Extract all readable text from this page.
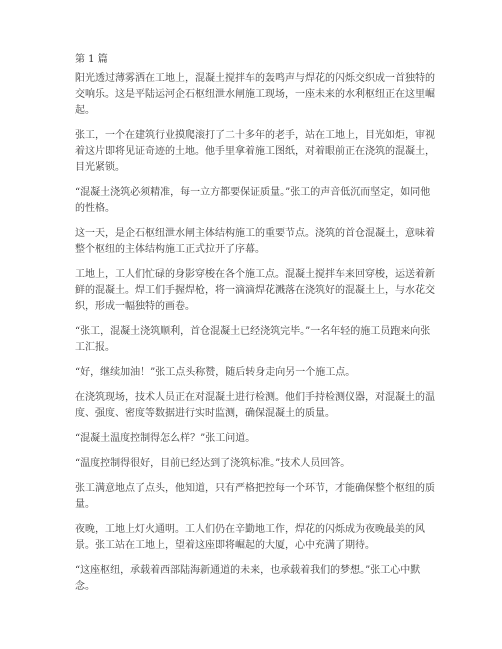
第 1 篇

阳光透过薄雾洒在工地上，混凝土搅拌车的轰鸣声与焊花的闪烁交织成一首独特的交响乐。这是平陆运河企石枢纽泄水闸施工现场，一座未来的水利枢纽正在这里崛起。

张工，一个在建筑行业摸爬滚打了二十多年的老手，站在工地上，目光如炬，审视着这片即将见证奇迹的土地。他手里拿着施工图纸，对着眼前正在浇筑的混凝土，目光紧锁。

“混凝土浇筑必须精准，每一立方都要保证质量。”张工的声音低沉而坚定，如同他的性格。

这一天，是企石枢纽泄水闸主体结构施工的重要节点。浇筑的首仓混凝土，意味着整个枢纽的主体结构施工正式拉开了序幕。

工地上，工人们忙碌的身影穿梭在各个施工点。混凝土搅拌车来回穿梭，运送着新鲜的混凝土。焊工们手握焊枪，将一滴滴焊花溅落在浇筑好的混凝土上，与水花交织，形成一幅独特的画卷。

“张工，混凝土浇筑顺利，首仓混凝土已经浇筑完毕。”一名年轻的施工员跑来向张工汇报。

“好，继续加油！”张工点头称赞，随后转身走向另一个施工点。

在浇筑现场，技术人员正在对混凝土进行检测。他们手持检测仪器，对混凝土的温度、强度、密度等数据进行实时监测，确保混凝土的质量。

“混凝土温度控制得怎么样？”张工问道。

“温度控制得很好，目前已经达到了浇筑标准。”技术人员回答。

张工满意地点了点头，他知道，只有严格把控每一个环节，才能确保整个枢纽的质量。

夜晚，工地上灯火通明。工人们仍在辛勤地工作，焊花的闪烁成为夜晚最美的风景。张工站在工地上，望着这座即将崛起的大厦，心中充满了期待。

“这座枢纽，承载着西部陆海新通道的未来，也承载着我们的梦想。”张工心中默念。
